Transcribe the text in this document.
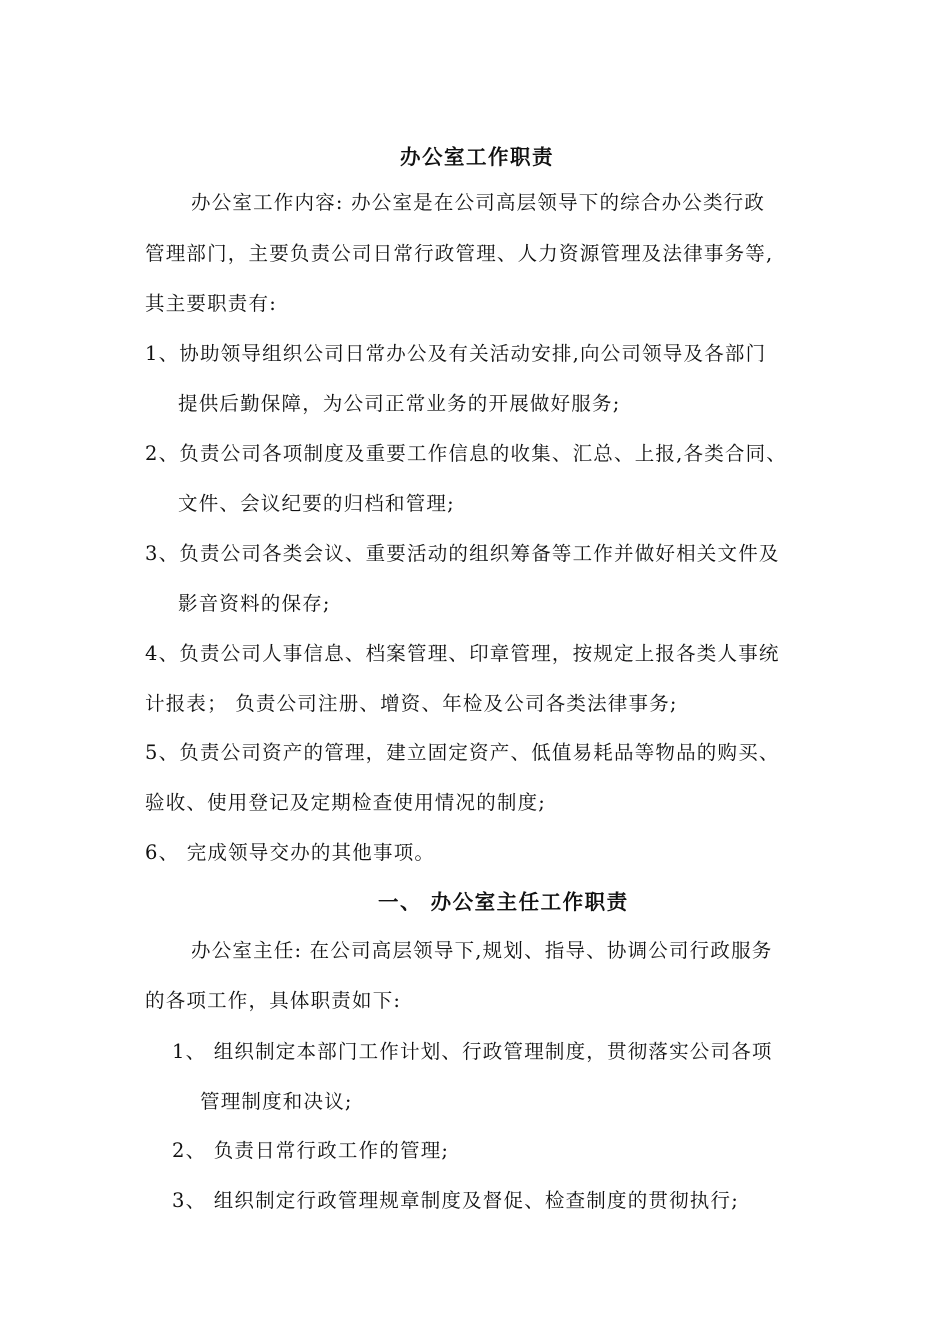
办公室工作职责
办公室工作内容: 办公室是在公司高层领导下的综合办公类行政
管理部门，主要负责公司日常行政管理、人力资源管理及法律事务等,
其主要职责有:
1、协助领导组织公司日常办公及有关活动安排,向公司领导及各部门
提供后勤保障，为公司正常业务的开展做好服务;
2、负责公司各项制度及重要工作信息的收集、汇总、上报,各类合同、
文件、会议纪要的归档和管理;
3、负责公司各类会议、重要活动的组织筹备等工作并做好相关文件及
影音资料的保存;
4、负责公司人事信息、档案管理、印章管理，按规定上报各类人事统
计报表； 负责公司注册、增资、年检及公司各类法律事务;
5、负责公司资产的管理，建立固定资产、低值易耗品等物品的购买、
验收、使用登记及定期检查使用情况的制度;
6、 完成领导交办的其他事项。
一、 办公室主任工作职责
办公室主任: 在公司高层领导下,规划、指导、协调公司行政服务
的各项工作，具体职责如下:
1、 组织制定本部门工作计划、行政管理制度，贯彻落实公司各项
管理制度和决议;
2、 负责日常行政工作的管理;
3、 组织制定行政管理规章制度及督促、检查制度的贯彻执行;
